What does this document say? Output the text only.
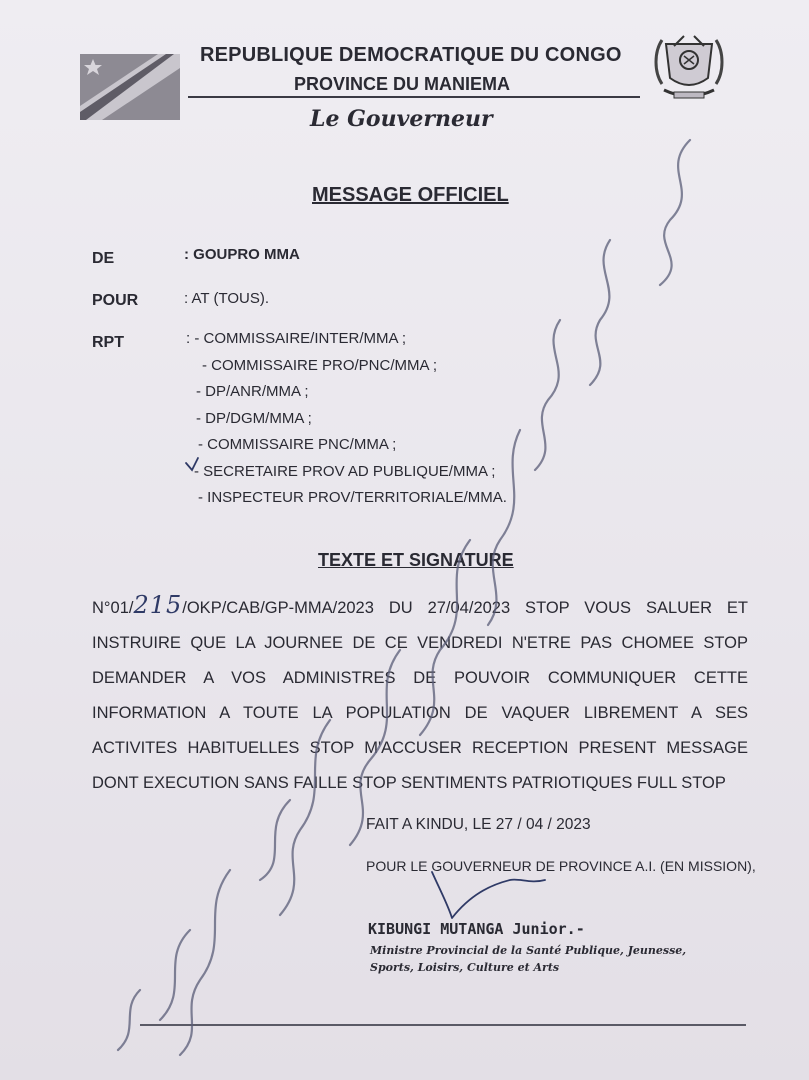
REPUBLIQUE DEMOCRATIQUE DU CONGO
PROVINCE DU MANIEMA
Le Gouverneur
MESSAGE OFFICIEL
DE	: GOUPRO MMA
POUR	: AT (TOUS).
RPT	: - COMMISSAIRE/INTER/MMA ;
- COMMISSAIRE PRO/PNC/MMA ;
- DP/ANR/MMA ;
- DP/DGM/MMA ;
- COMMISSAIRE PNC/MMA ;
- SECRETAIRE PROV AD PUBLIQUE/MMA ;
- INSPECTEUR PROV/TERRITORIALE/MMA.
TEXTE ET SIGNATURE
N°01/215/OKP/CAB/GP-MMA/2023 DU 27/04/2023 STOP VOUS SALUER ET INSTRUIRE QUE LA JOURNEE DE CE VENDREDI N'ETRE PAS CHOMEE STOP DEMANDER A VOS ADMINISTRES DE POUVOIR COMMUNIQUER CETTE INFORMATION A TOUTE LA POPULATION DE VAQUER LIBREMENT A SES ACTIVITES HABITUELLES STOP M'ACCUSER RECEPTION PRESENT MESSAGE DONT EXECUTION SANS FAILLE STOP SENTIMENTS PATRIOTIQUES FULL STOP
FAIT A KINDU, LE 27 / 04 / 2023
POUR LE GOUVERNEUR DE PROVINCE A.I. (EN MISSION),
KIBUNGI MUTANGA Junior.-
Ministre Provincial de la Santé Publique, Jeunesse, Sports, Loisirs, Culture et Arts
